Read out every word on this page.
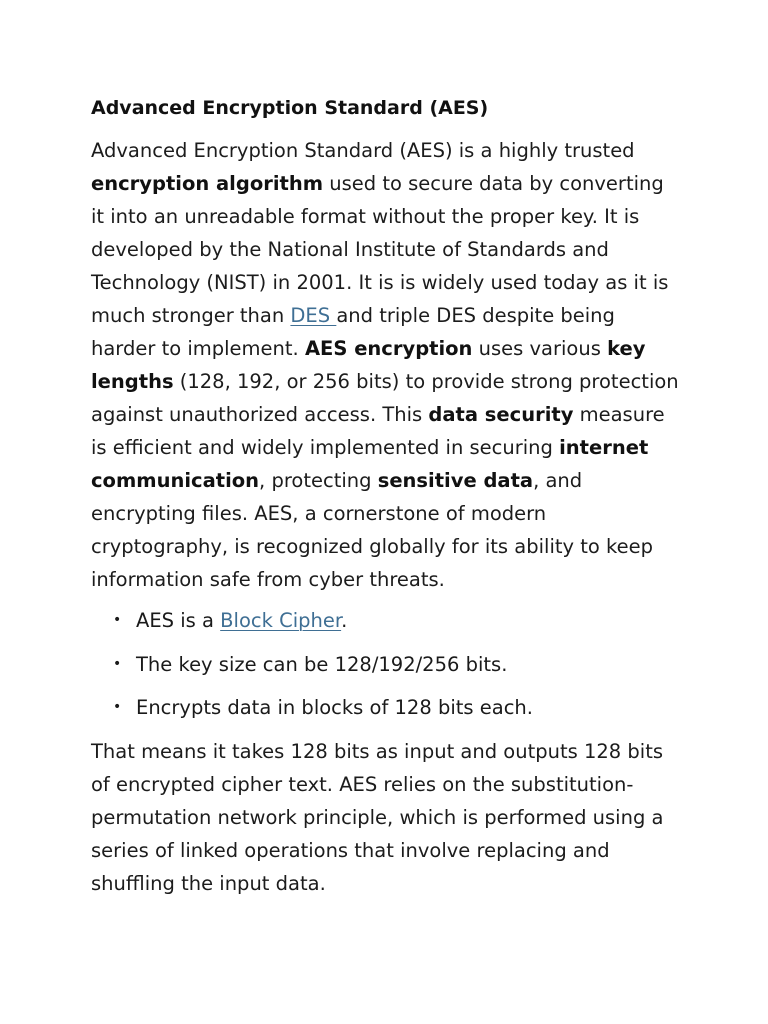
Advanced Encryption Standard (AES)

Advanced Encryption Standard (AES) is a highly trusted encryption algorithm used to secure data by converting it into an unreadable format without the proper key. It is developed by the National Institute of Standards and Technology (NIST) in 2001. It is is widely used today as it is much stronger than DES and triple DES despite being harder to implement. AES encryption uses various key lengths (128, 192, or 256 bits) to provide strong protection against unauthorized access. This data security measure is efficient and widely implemented in securing internet communication, protecting sensitive data, and encrypting files. AES, a cornerstone of modern cryptography, is recognized globally for its ability to keep information safe from cyber threats.

• AES is a Block Cipher.
• The key size can be 128/192/256 bits.
• Encrypts data in blocks of 128 bits each.

That means it takes 128 bits as input and outputs 128 bits of encrypted cipher text. AES relies on the substitution-permutation network principle, which is performed using a series of linked operations that involve replacing and shuffling the input data.
